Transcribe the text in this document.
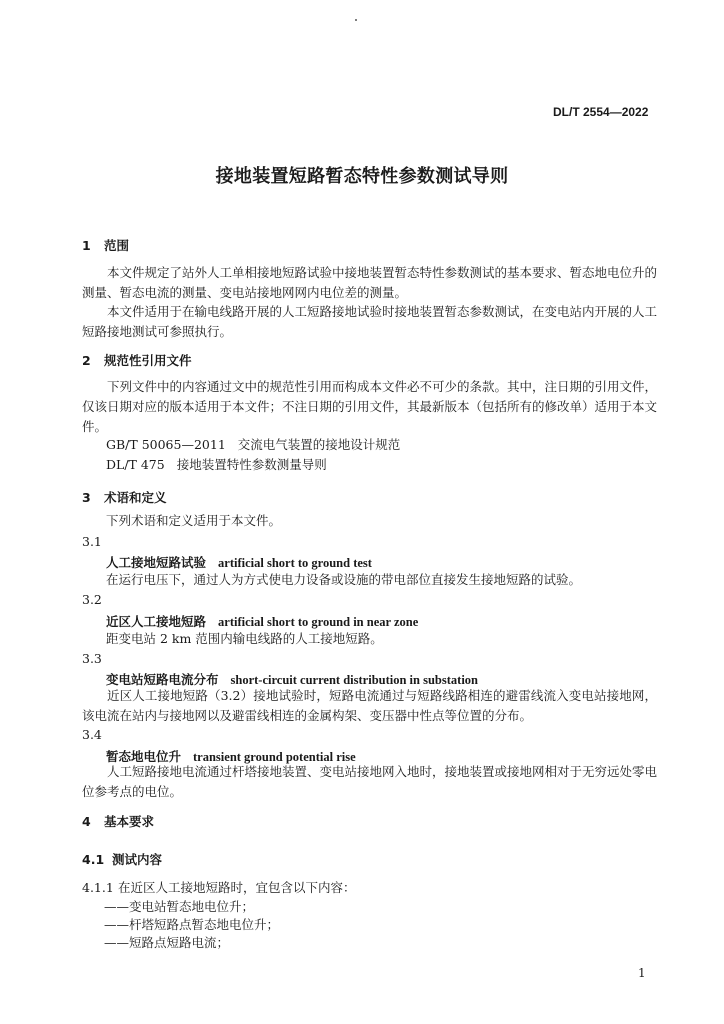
DL/T 2554—2022
接地装置短路暂态特性参数测试导则
1 范围
本文件规定了站外人工单相接地短路试验中接地装置暂态特性参数测试的基本要求、暂态地电位升的测量、暂态电流的测量、变电站接地网网内电位差的测量。
本文件适用于在输电线路开展的人工短路接地试验时接地装置暂态参数测试，在变电站内开展的人工短路接地测试可参照执行。
2 规范性引用文件
下列文件中的内容通过文中的规范性引用而构成本文件必不可少的条款。其中，注日期的引用文件，仅该日期对应的版本适用于本文件；不注日期的引用文件，其最新版本（包括所有的修改单）适用于本文件。
GB/T 50065—2011 交流电气装置的接地设计规范
DL/T 475 接地装置特性参数测量导则
3 术语和定义
下列术语和定义适用于本文件。
3.1
人工接地短路试验 artificial short to ground test
在运行电压下，通过人为方式使电力设备或设施的带电部位直接发生接地短路的试验。
3.2
近区人工接地短路 artificial short to ground in near zone
距变电站 2 km 范围内输电线路的人工接地短路。
3.3
变电站短路电流分布 short-circuit current distribution in substation
近区人工接地短路（3.2）接地试验时，短路电流通过与短路线路相连的避雷线流入变电站接地网，该电流在站内与接地网以及避雷线相连的金属构架、变压器中性点等位置的分布。
3.4
暂态地电位升 transient ground potential rise
人工短路接地电流通过杆塔接地装置、变电站接地网入地时，接地装置或接地网相对于无穷远处零电位参考点的电位。
4 基本要求
4.1 测试内容
4.1.1 在近区人工接地短路时，宜包含以下内容：
——变电站暂态地电位升；
——杆塔短路点暂态地电位升；
——短路点短路电流；
1
